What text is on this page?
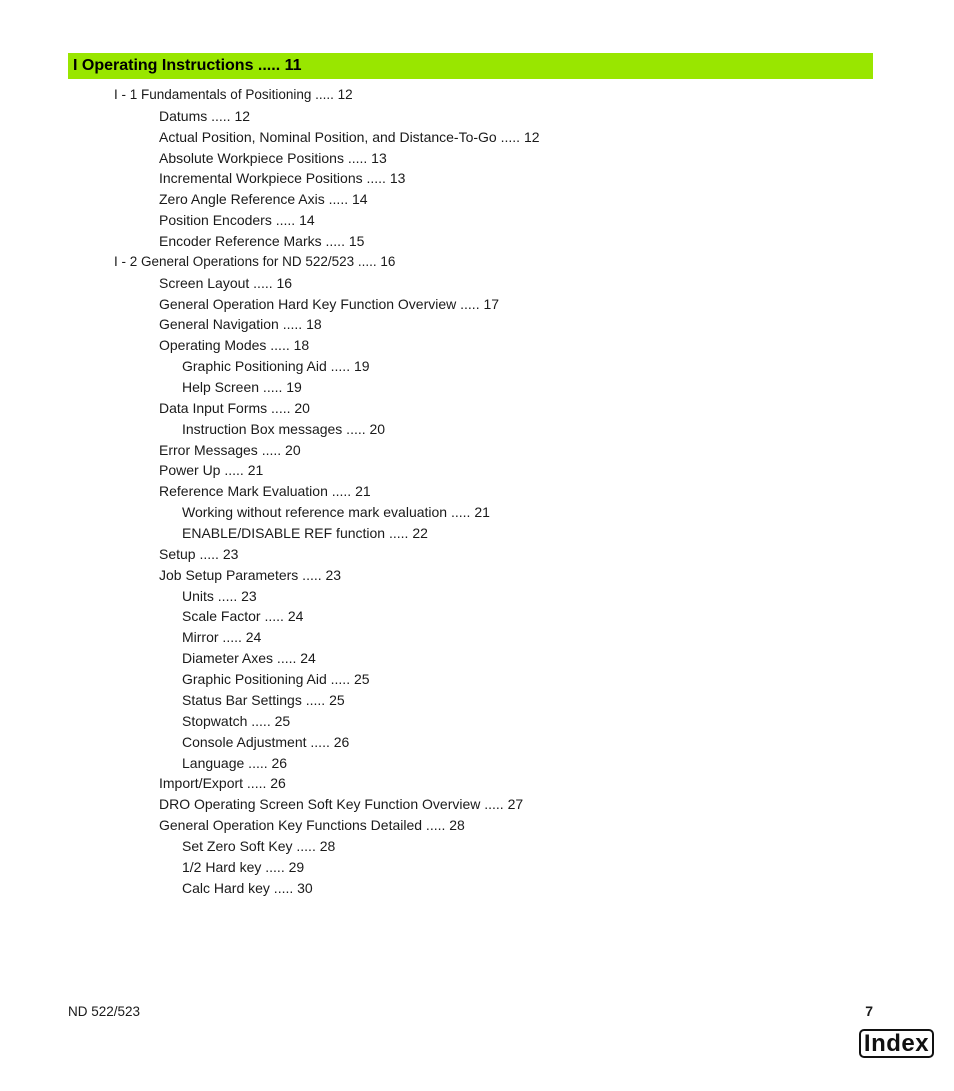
I Operating Instructions ..... 11
I - 1 Fundamentals of Positioning ..... 12
Datums ..... 12
Actual Position, Nominal Position, and Distance-To-Go ..... 12
Absolute Workpiece Positions ..... 13
Incremental Workpiece Positions ..... 13
Zero Angle Reference Axis ..... 14
Position Encoders ..... 14
Encoder Reference Marks ..... 15
I - 2 General Operations for ND 522/523 ..... 16
Screen Layout ..... 16
General Operation Hard Key Function Overview ..... 17
General Navigation ..... 18
Operating Modes ..... 18
Graphic Positioning Aid ..... 19
Help Screen ..... 19
Data Input Forms ..... 20
Instruction Box messages ..... 20
Error Messages ..... 20
Power Up ..... 21
Reference Mark Evaluation ..... 21
Working without reference mark evaluation ..... 21
ENABLE/DISABLE REF function ..... 22
Setup ..... 23
Job Setup Parameters ..... 23
Units ..... 23
Scale Factor ..... 24
Mirror ..... 24
Diameter Axes ..... 24
Graphic Positioning Aid ..... 25
Status Bar Settings ..... 25
Stopwatch ..... 25
Console Adjustment ..... 26
Language ..... 26
Import/Export ..... 26
DRO Operating Screen Soft Key Function Overview ..... 27
General Operation Key Functions Detailed ..... 28
Set Zero Soft Key ..... 28
1/2 Hard key ..... 29
Calc Hard key ..... 30
ND 522/523	7
Index
